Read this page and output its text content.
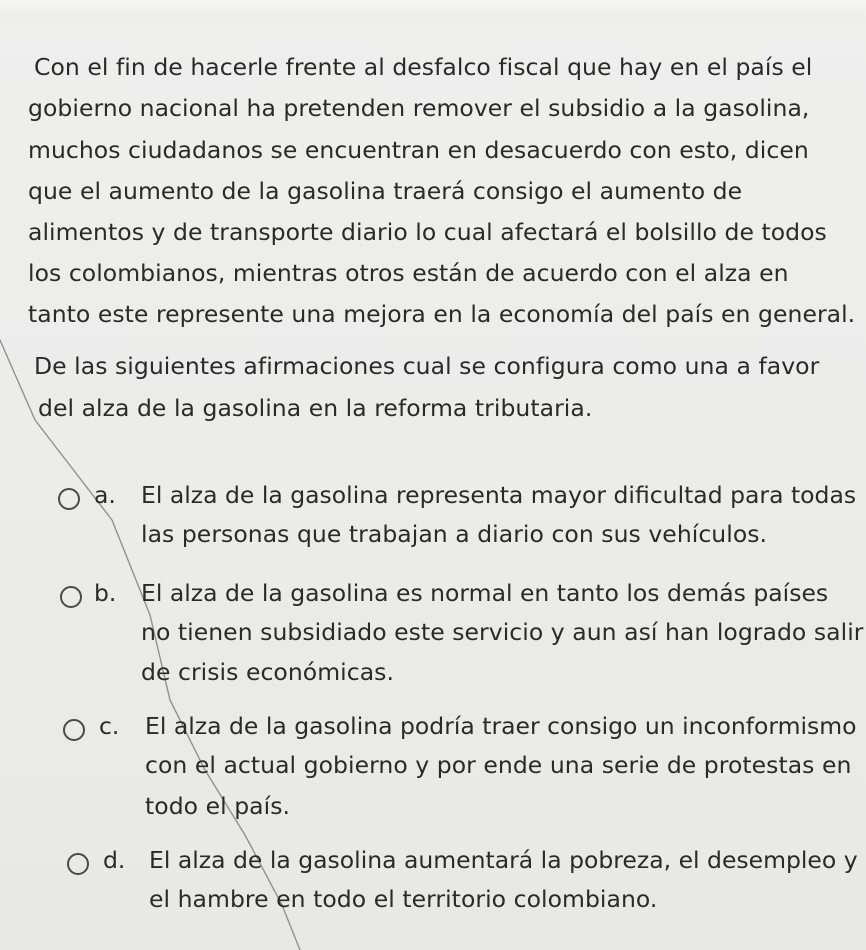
Con el fin de hacerle frente al desfalco fiscal que hay en el país el
gobierno nacional ha pretenden remover el subsidio a la gasolina,
muchos ciudadanos se encuentran en desacuerdo con esto, dicen
que el aumento de la gasolina traerá consigo el aumento de
alimentos y de transporte diario lo cual afectará el bolsillo de todos
los colombianos, mientras otros están de acuerdo con el alza en
tanto este represente una mejora en la economía del país en general.
De las siguientes afirmaciones cual se configura como una a favor
del alza de la gasolina en la reforma tributaria.
a. El alza de la gasolina representa mayor dificultad para todas
las personas que trabajan a diario con sus vehículos.
b. El alza de la gasolina es normal en tanto los demás países
no tienen subsidiado este servicio y aun así han logrado salir
de crisis económicas.
c. El alza de la gasolina podría traer consigo un inconformismo
con el actual gobierno y por ende una serie de protestas en
todo el país.
d. El alza de la gasolina aumentará la pobreza, el desempleo y
el hambre en todo el territorio colombiano.
